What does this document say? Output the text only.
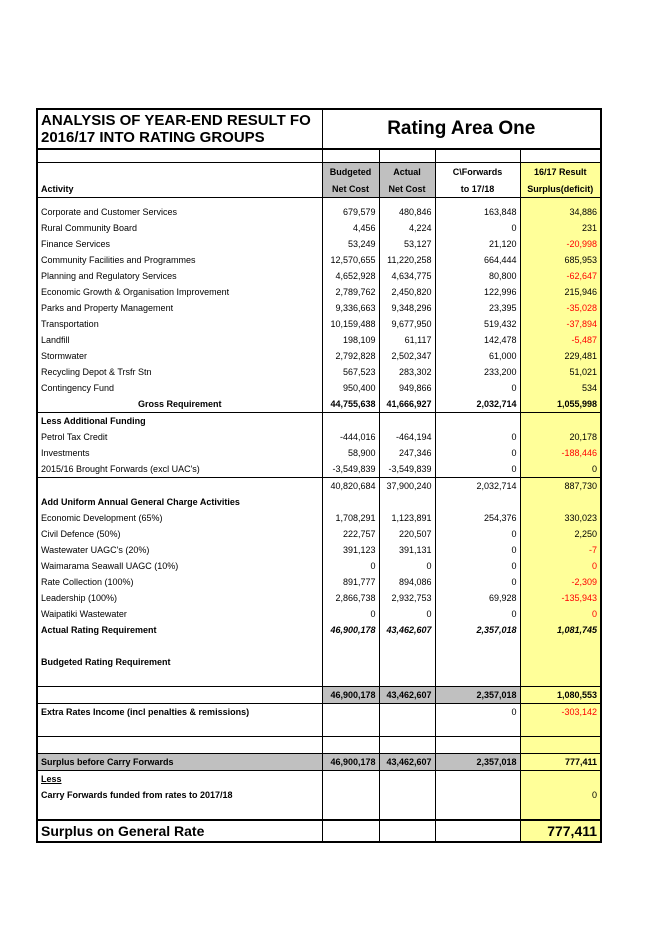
ANALYSIS OF YEAR-END RESULT FO
2016/17 INTO RATING GROUPS	Rating Area One			

	Budgeted	Actual	C\Forwards	16/17 Result
Activity	Net Cost	Net Cost	to 17/18	Surplus(deficit)

Corporate and Customer Services	679,579	480,846	163,848	34,886
Rural Community Board	4,456	4,224	0	231
Finance Services	53,249	53,127	21,120	-20,998
Community Facilities and Programmes	12,570,655	11,220,258	664,444	685,953
Planning and Regulatory Services	4,652,928	4,634,775	80,800	-62,647
Economic Growth & Organisation Improvement	2,789,762	2,450,820	122,996	215,946
Parks and Property Management	9,336,663	9,348,296	23,395	-35,028
Transportation	10,159,488	9,677,950	519,432	-37,894
Landfill	198,109	61,117	142,478	-5,487
Stormwater	2,792,828	2,502,347	61,000	229,481
Recycling Depot & Trsfr Stn	567,523	283,302	233,200	51,021
Contingency Fund	950,400	949,866	0	534
Gross Requirement	44,755,638	41,666,927	2,032,714	1,055,998
Less Additional Funding				
Petrol Tax Credit	-444,016	-464,194	0	20,178
Investments	58,900	247,346	0	-188,446
2015/16 Brought Forwards (excl UAC's)	-3,549,839	-3,549,839	0	0
	40,820,684	37,900,240	2,032,714	887,730
Add Uniform Annual General Charge Activities				
Economic Development (65%)	1,708,291	1,123,891	254,376	330,023
Civil Defence (50%)	222,757	220,507	0	2,250
Wastewater UAGC's (20%)	391,123	391,131	0	-7
Waimarama Seawall UAGC (10%)	0	0	0	0
Rate Collection (100%)	891,777	894,086	0	-2,309
Leadership (100%)	2,866,738	2,932,753	69,928	-135,943
Waipatiki Wastewater	0	0	0	0
Actual Rating Requirement	46,900,178	43,462,607	2,357,018	1,081,745

Budgeted Rating Requirement				

	46,900,178	43,462,607	2,357,018	1,080,553
Extra Rates Income (incl penalties & remissions)			0	-303,142

Surplus before Carry Forwards	46,900,178	43,462,607	2,357,018	777,411
Less				
Carry Forwards funded from rates to 2017/18				0

Surplus on General Rate				777,411
